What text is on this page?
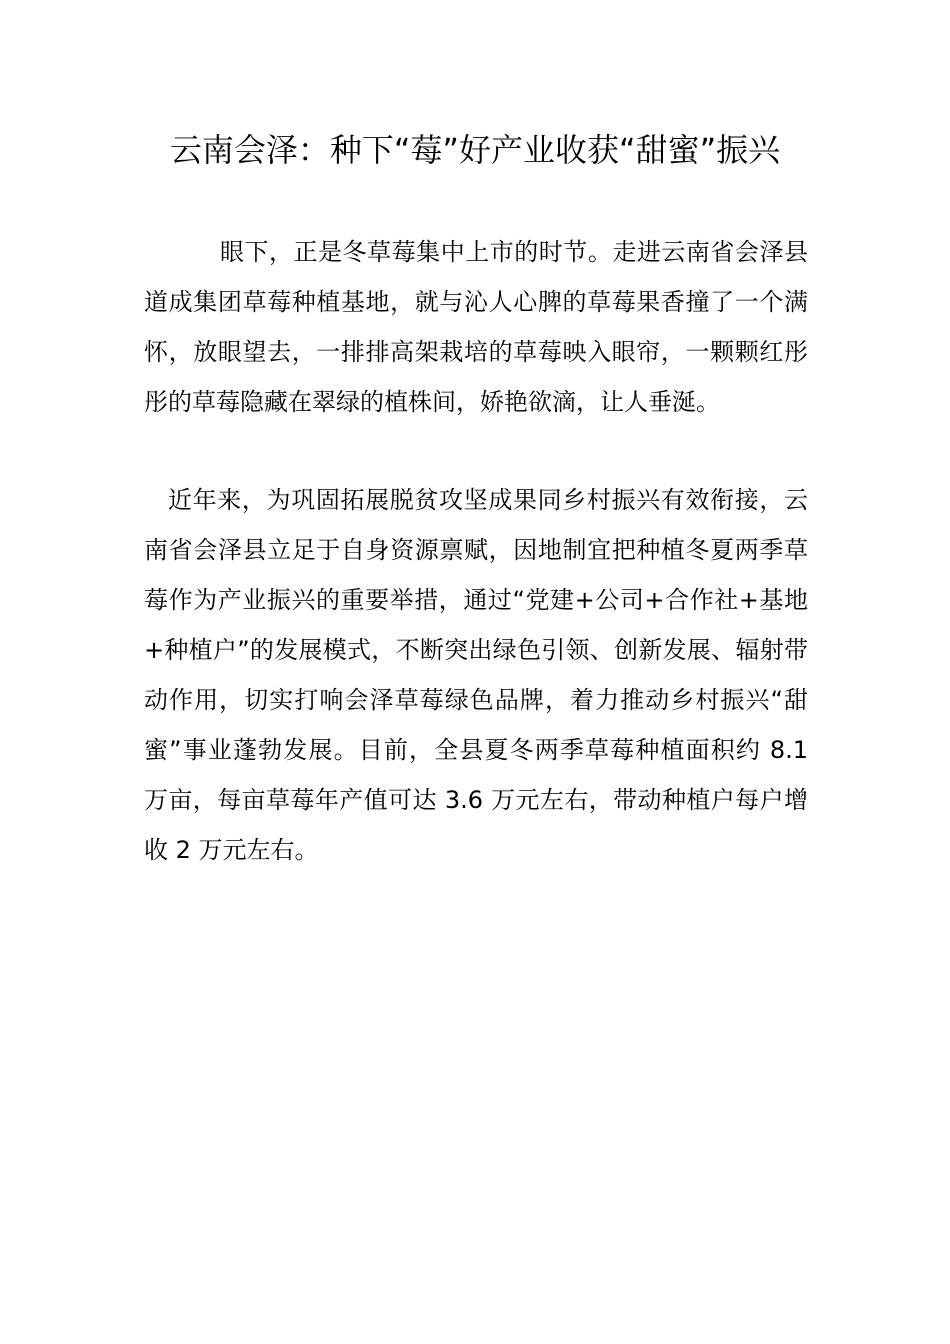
云南会泽：种下“莓”好产业收获“甜蜜”振兴

眼下，正是冬草莓集中上市的时节。走进云南省会泽县道成集团草莓种植基地，就与沁人心脾的草莓果香撞了一个满怀，放眼望去，一排排高架栽培的草莓映入眼帘，一颗颗红彤彤的草莓隐藏在翠绿的植株间，娇艳欲滴，让人垂涎。

近年来，为巩固拓展脱贫攻坚成果同乡村振兴有效衔接，云南省会泽县立足于自身资源禀赋，因地制宜把种植冬夏两季草莓作为产业振兴的重要举措，通过“党建+公司+合作社+基地+种植户”的发展模式，不断突出绿色引领、创新发展、辐射带动作用，切实打响会泽草莓绿色品牌，着力推动乡村振兴“甜蜜”事业蓬勃发展。目前，全县夏冬两季草莓种植面积约 8.1 万亩，每亩草莓年产值可达 3.6 万元左右，带动种植户每户增收 2 万元左右。
